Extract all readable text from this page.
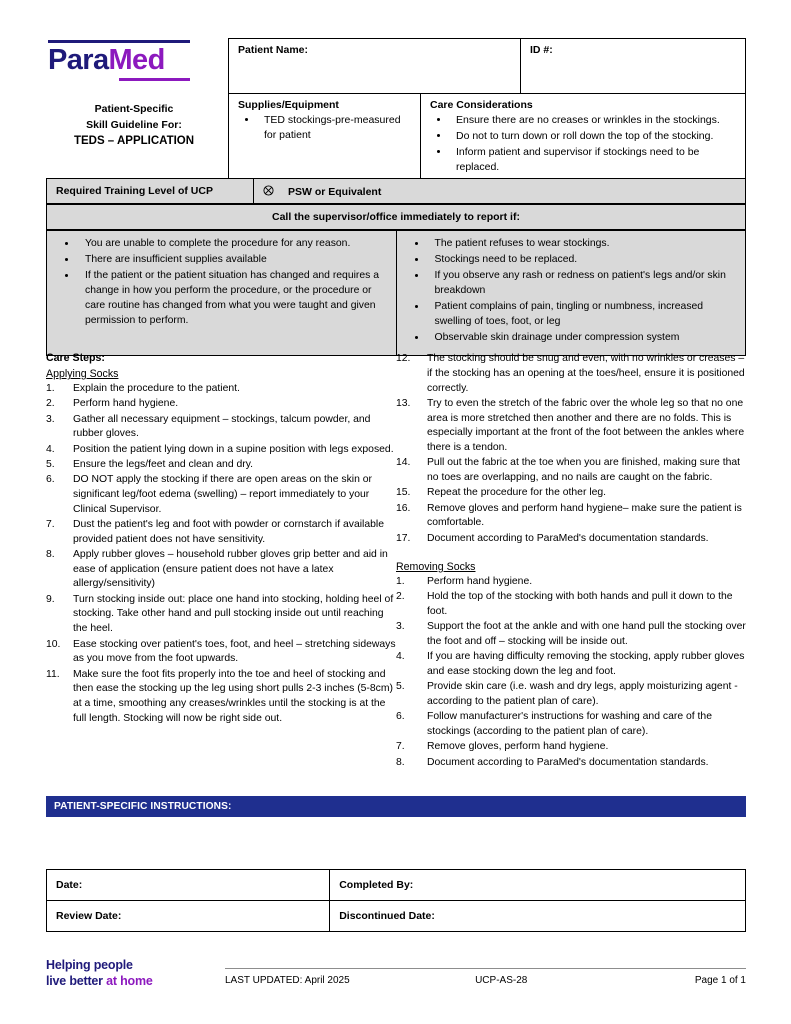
ParaMed
Patient-Specific
Skill Guideline For:
TEDS – APPLICATION
Patient Name:		ID #:
Supplies/Equipment
• TED stockings-pre-measured for patient
	Care Considerations
• Ensure there are no creases or wrinkles in the stockings.
• Do not to turn down or roll down the top of the stocking.
• Inform patient and supervisor if stockings need to be replaced.
Required Training Level of UCP	PSW or Equivalent
Call the supervisor/office immediately to report if:
• You are unable to complete the procedure for any reason.
• There are insufficient supplies available
• If the patient or the patient situation has changed and requires a change in how you perform the procedure, or the procedure or care routine has changed from what you were taught and given permission to perform.

• The patient refuses to wear stockings.
• Stockings need to be replaced.
• If you observe any rash or redness on patient's legs and/or skin breakdown
• Patient complains of pain, tingling or numbness, increased swelling of toes, foot, or leg
• Observable skin drainage under compression system
Care Steps:
Applying Socks
1.	Explain the procedure to the patient.
2.	Perform hand hygiene.
3.	Gather all necessary equipment – stockings, talcum powder, and rubber gloves.
4.	Position the patient lying down in a supine position with legs exposed.
5.	Ensure the legs/feet and clean and dry.
6.	DO NOT apply the stocking if there are open areas on the skin or significant leg/foot edema (swelling) – report immediately to your Clinical Supervisor.
7.	Dust the patient's leg and foot with powder or cornstarch if available provided patient does not have sensitivity.
8.	Apply rubber gloves – household rubber gloves grip better and aid in ease of application (ensure patient does not have a latex allergy/sensitivity)
9.	Turn stocking inside out: place one hand into stocking, holding heel of stocking. Take other hand and pull stocking inside out until reaching the heel.
10.	Ease stocking over patient's toes, foot, and heel – stretching sideways as you move from the foot upwards.
11.	Make sure the foot fits properly into the toe and heel of stocking and then ease the stocking up the leg using short pulls 2-3 inches (5-8cm) at a time, smoothing any creases/wrinkles until the stocking is at the full length. Stocking will now be right side out.
12.	The stocking should be snug and even, with no wrinkles or creases – if the stocking has an opening at the toes/heel, ensure it is positioned correctly.
13.	Try to even the stretch of the fabric over the whole leg so that no one area is more stretched then another and there are no folds. This is especially important at the front of the foot between the ankles where there is a tendon.
14.	Pull out the fabric at the toe when you are finished, making sure that no toes are overlapping, and no nails are caught on the fabric.
15.	Repeat the procedure for the other leg.
16.	Remove gloves and perform hand hygiene– make sure the patient is comfortable.
17.	Document according to ParaMed's documentation standards.
Removing Socks
1.	Perform hand hygiene.
2.	Hold the top of the stocking with both hands and pull it down to the foot.
3.	Support the foot at the ankle and with one hand pull the stocking over the foot and off – stocking will be inside out.
4.	If you are having difficulty removing the stocking, apply rubber gloves and ease stocking down the leg and foot.
5.	Provide skin care (i.e. wash and dry legs, apply moisturizing agent - according to the patient plan of care).
6.	Follow manufacturer's instructions for washing and care of the stockings (according to the patient plan of care).
7.	Remove gloves, perform hand hygiene.
8.	Document according to ParaMed's documentation standards.
PATIENT-SPECIFIC INSTRUCTIONS:
Date:	Completed By:
Review Date:	Discontinued Date:
Helping people
live better at home	LAST UPDATED: April 2025	UCP-AS-28	Page 1 of 1
